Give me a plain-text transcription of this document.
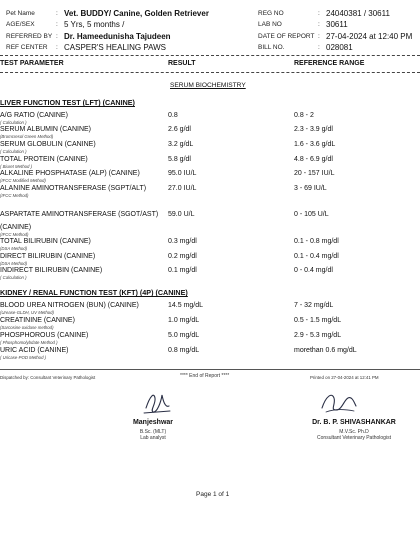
Pet Name	: Vet. BUDDY/ Canine, Golden Retriever
AGE/SEX	: 5 Yrs, 5 months /
REFERRED BY : Dr. Hameedunisha Tajudeen
REF CENTER : CASPER'S HEALING PAWS
REG NO	: 24040381 / 30611
LAB NO	: 30611
DATE OF REPORT : 27-04-2024 at 12:40 PM
BILL NO.	: 028081
TEST PARAMETER	RESULT	REFERENCE RANGE
SERUM BIOCHEMISTRY
LIVER FUNCTION TEST (LFT) (CANINE)
A/G RATIO (CANINE)
( Calculation )
0.8	0.8 - 2
SERUM ALBUMIN (CANINE)
(Bromcresol Green Method)
2.6 g/dl	2.3 - 3.9 g/dl
SERUM GLOBULIN (CANINE)
( Calculation )
3.2 g/dL	1.6 - 3.6 g/dL
TOTAL PROTEIN (CANINE)
( Biuret Method )
5.8 g/dl	4.8 - 6.9 g/dl
ALKALINE PHOSPHATASE (ALP) (CANINE)
(IFCC Modified Method)
95.0 IU/L	20 - 157 IU/L
ALANINE AMINOTRANSFERASE (SGPT/ALT)
(IFCC Method)
27.0 IU/L	3 - 69 IU/L
ASPARTATE AMINOTRANSFERASE (SGOT/AST)
(CANINE)
(IFCC Method)
59.0 U/L	0 - 105 U/L
TOTAL BILIRUBIN (CANINE)
(DSA Method)
0.3 mg/dl	0.1 - 0.8 mg/dl
DIRECT BILIRUBIN (CANINE)
(DSA Method)
0.2 mg/dl	0.1 - 0.4 mg/dl
INDIRECT BILIRUBIN (CANINE)
( Calculation )
0.1 mg/dl	0 - 0.4 mg/dl
KIDNEY / RENAL FUNCTION TEST (KFT) (4P) (CANINE)
BLOOD UREA NITROGEN (BUN) (CANINE)
(Urease-GLDH, UV Method)
14.5 mg/dL	7 - 32 mg/dL
CREATININE (CANINE)
(Sarcosine oxidase method)
1.0 mg/dL	0.5 - 1.5 mg/dL
PHOSPHOROUS (CANINE)
( Phosphomolybdate Method )
5.0 mg/dL	2.9 - 5.3 mg/dL
URIC ACID (CANINE)
( Uricase-POD Method )
0.8 mg/dL	morethan 0.6 mg/dL
Dispatched by: Consultant Veterinary Pathologist	**** End of Report ****	Printed on 27-04-2024 at 12:41 PM
Manjeshwar
B.Sc. (MLT)
Lab analyst
Dr. B. P. SHIVASHANKAR
M.V.Sc. Ph.D
Consultant Veterinary Pathologist
Page 1 of 1
